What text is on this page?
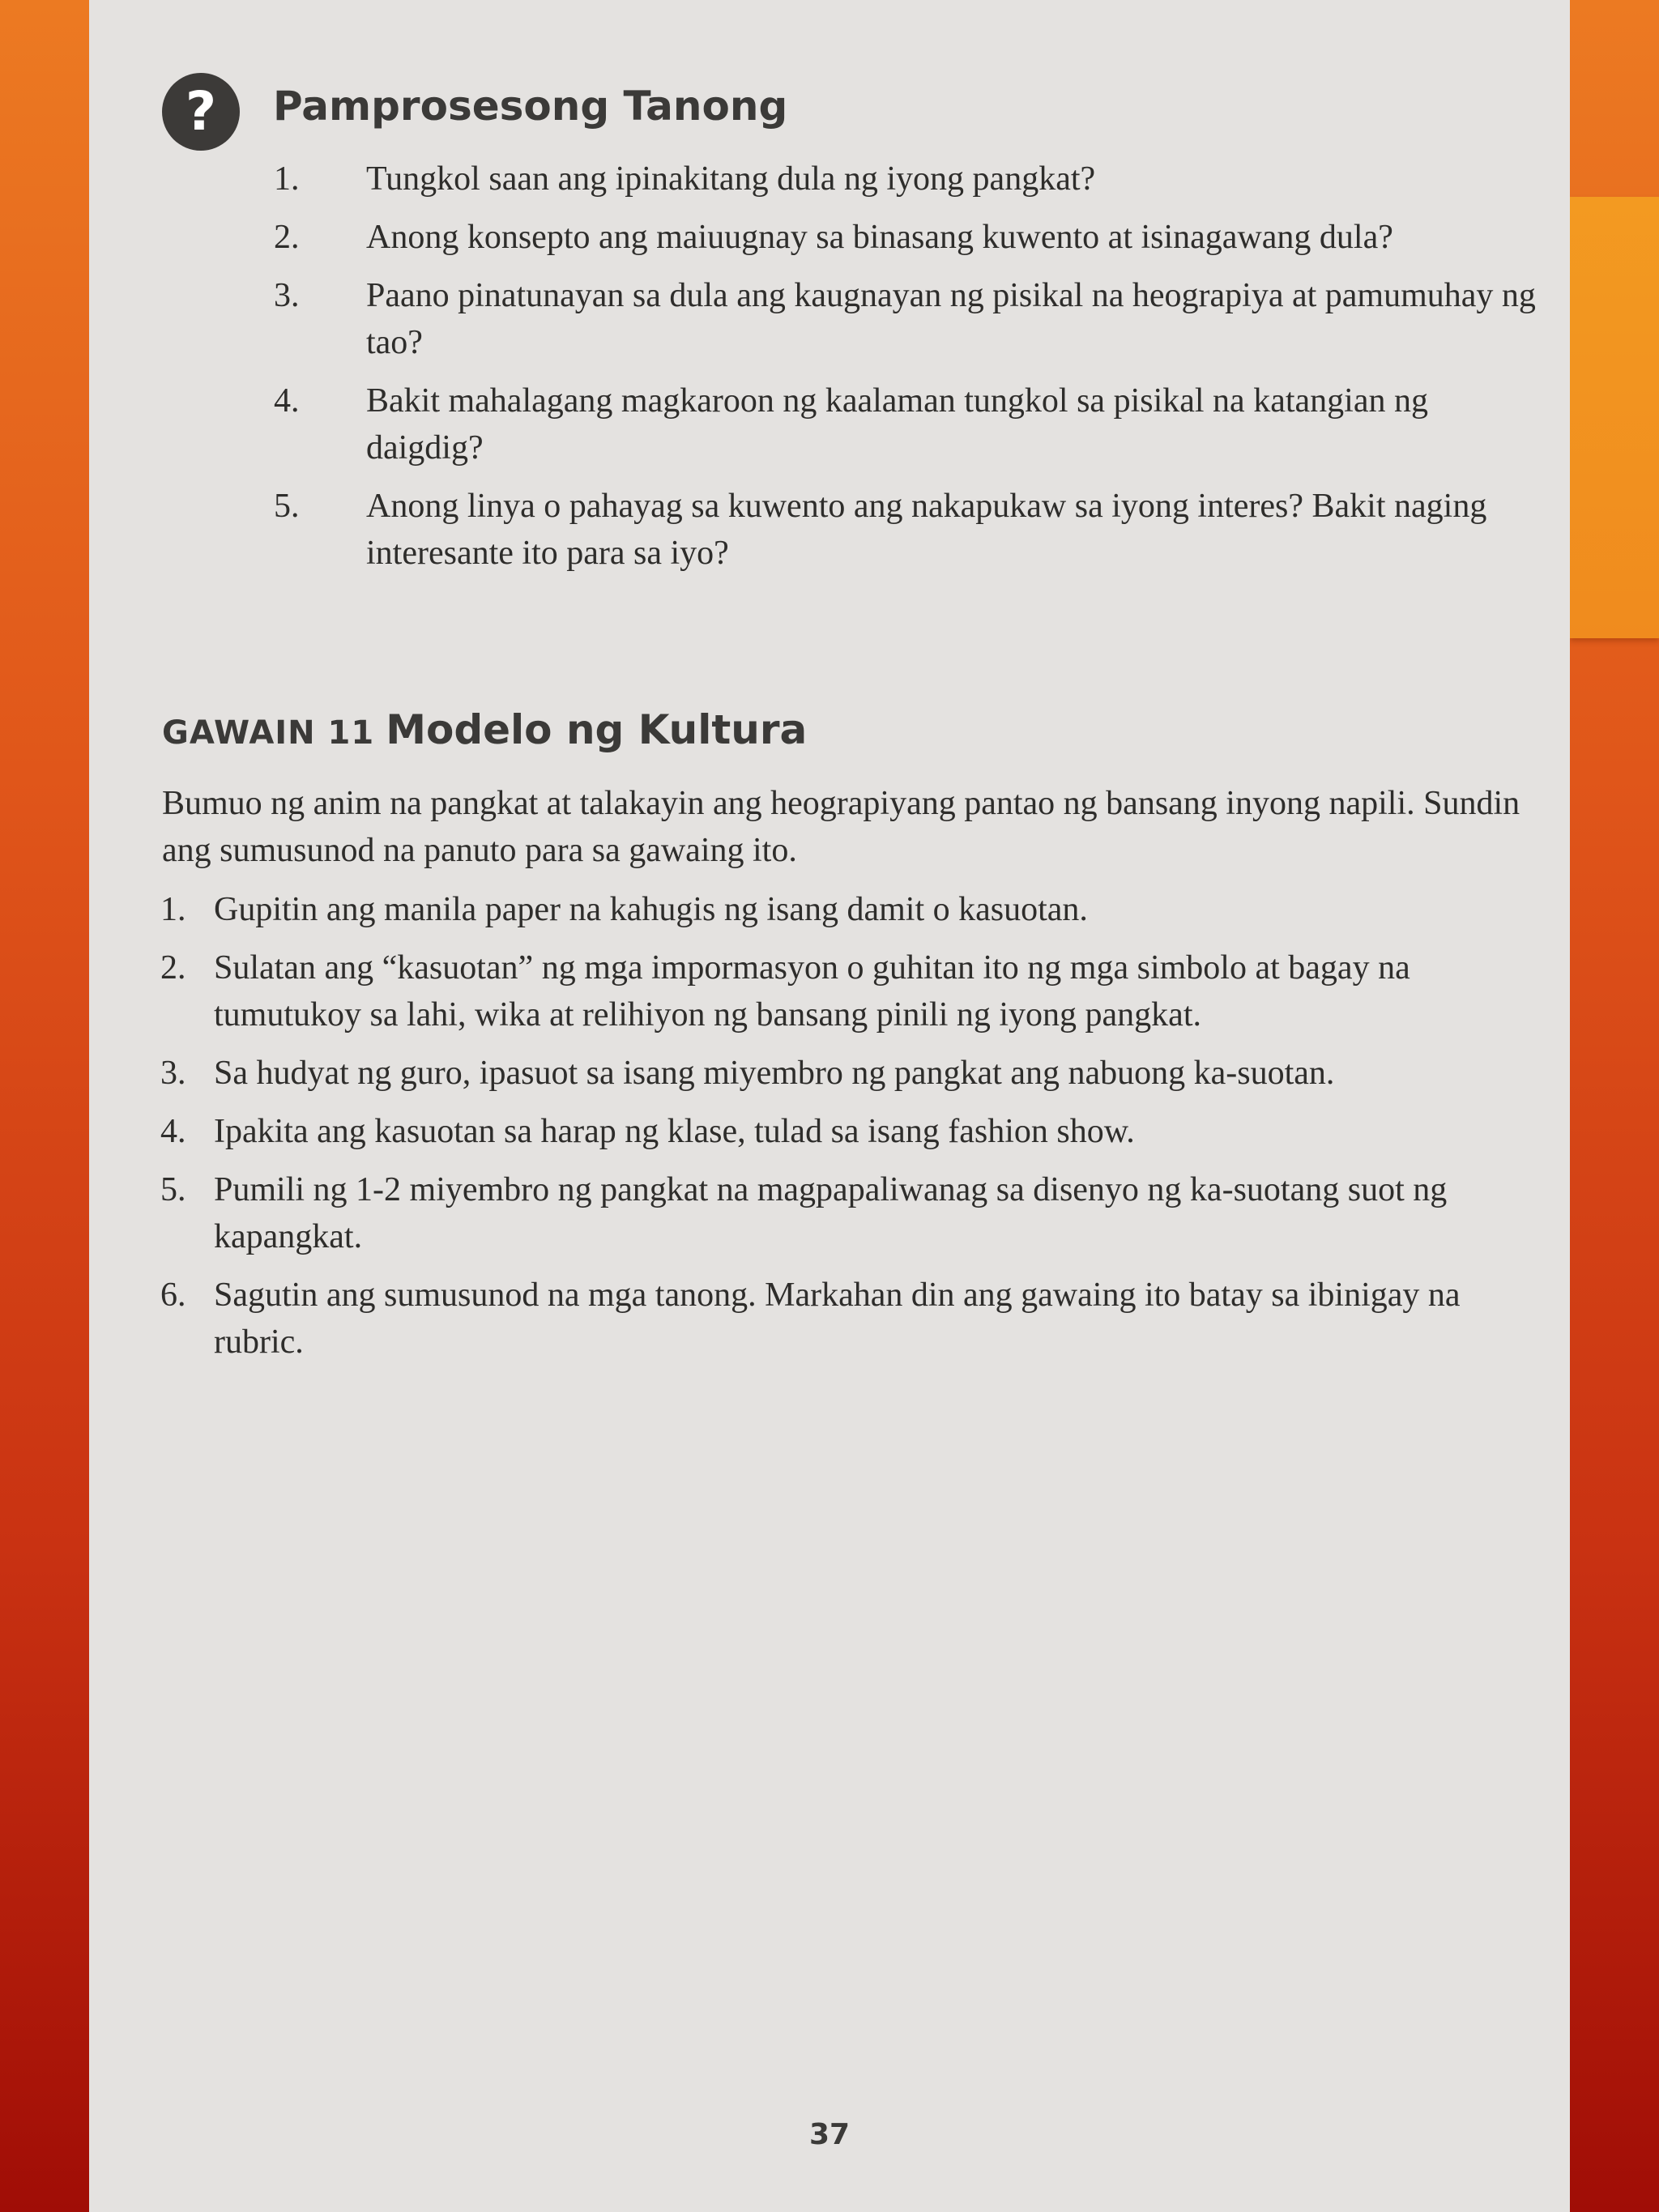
?	Pamprosesong Tanong
1. Tungkol saan ang ipinakitang dula ng iyong pangkat?
2. Anong konsepto ang maiuugnay sa binasang kuwento at isinagawang dula?
3. Paano pinatunayan sa dula ang kaugnayan ng pisikal na heograpiya at pamumuhay ng tao?
4. Bakit mahalagang magkaroon ng kaalaman tungkol sa pisikal na katangian ng daigdig?
5. Anong linya o pahayag sa kuwento ang nakapukaw sa iyong interes? Bakit naging interesante ito para sa iyo?
GAWAIN 11 Modelo ng Kultura
Bumuo ng anim na pangkat at talakayin ang heograpiyang pantao ng bansang inyong napili. Sundin ang sumusunod na panuto para sa gawaing ito.
1. Gupitin ang manila paper na kahugis ng isang damit o kasuotan.
2. Sulatan ang “kasuotan” ng mga impormasyon o guhitan ito ng mga simbolo at bagay na tumutukoy sa lahi, wika at relihiyon ng bansang pinili ng iyong pangkat.
3. Sa hudyat ng guro, ipasuot sa isang miyembro ng pangkat ang nabuong ka-suotan.
4. Ipakita ang kasuotan sa harap ng klase, tulad sa isang fashion show.
5. Pumili ng 1-2 miyembro ng pangkat na magpapaliwanag sa disenyo ng ka-suotang suot ng kapangkat.
6. Sagutin ang sumusunod na mga tanong. Markahan din ang gawaing ito batay sa ibinigay na rubric.
37
